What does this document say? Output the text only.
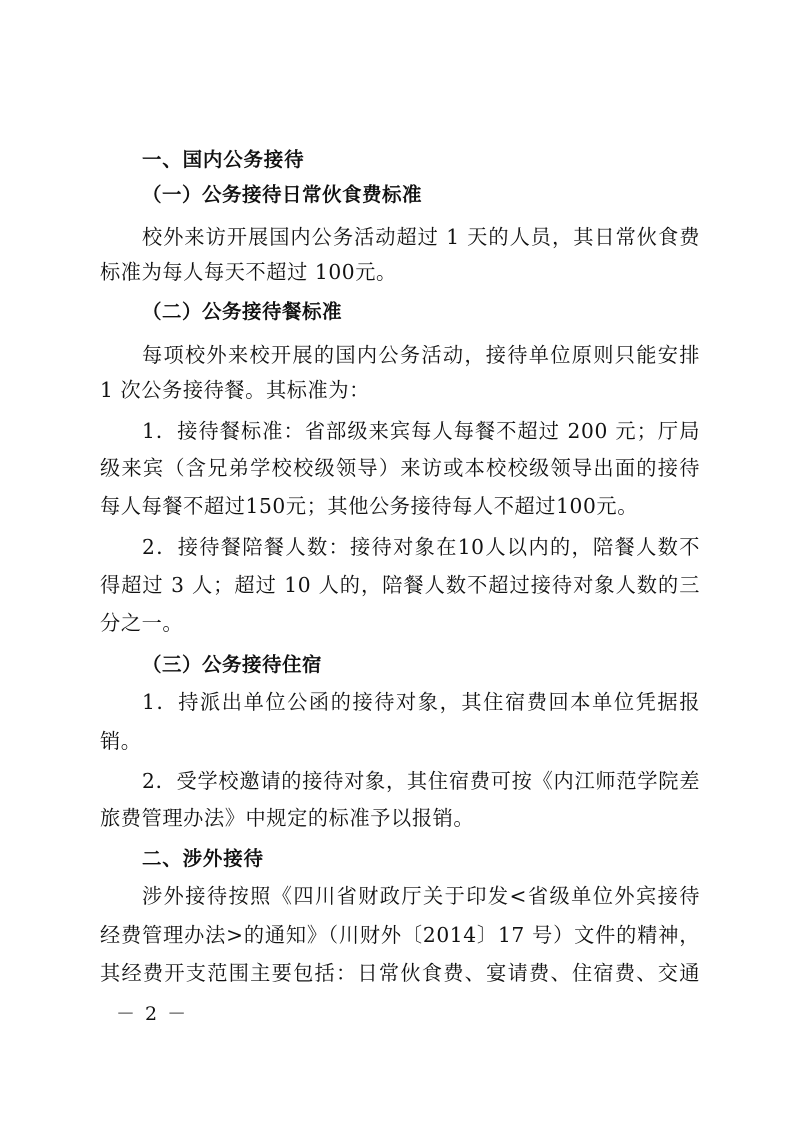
一、国内公务接待
（一）公务接待日常伙食费标准
校外来访开展国内公务活动超过 1 天的人员，其日常伙食费
标准为每人每天不超过 100元。
（二）公务接待餐标准
每项校外来校开展的国内公务活动，接待单位原则只能安排
1 次公务接待餐。其标准为：
1．接待餐标准：省部级来宾每人每餐不超过 200 元；厅局
级来宾（含兄弟学校校级领导）来访或本校校级领导出面的接待
每人每餐不超过150元；其他公务接待每人不超过100元。
2．接待餐陪餐人数：接待对象在10人以内的，陪餐人数不
得超过 3 人；超过 10 人的，陪餐人数不超过接待对象人数的三
分之一。
（三）公务接待住宿
1．持派出单位公函的接待对象，其住宿费回本单位凭据报
销。
2．受学校邀请的接待对象，其住宿费可按《内江师范学院差
旅费管理办法》中规定的标准予以报销。
二、涉外接待
涉外接待按照《四川省财政厅关于印发<省级单位外宾接待
经费管理办法>的通知》（川财外〔2014〕17 号）文件的精神，
其经费开支范围主要包括：日常伙食费、宴请费、住宿费、交通
－ 2 －
